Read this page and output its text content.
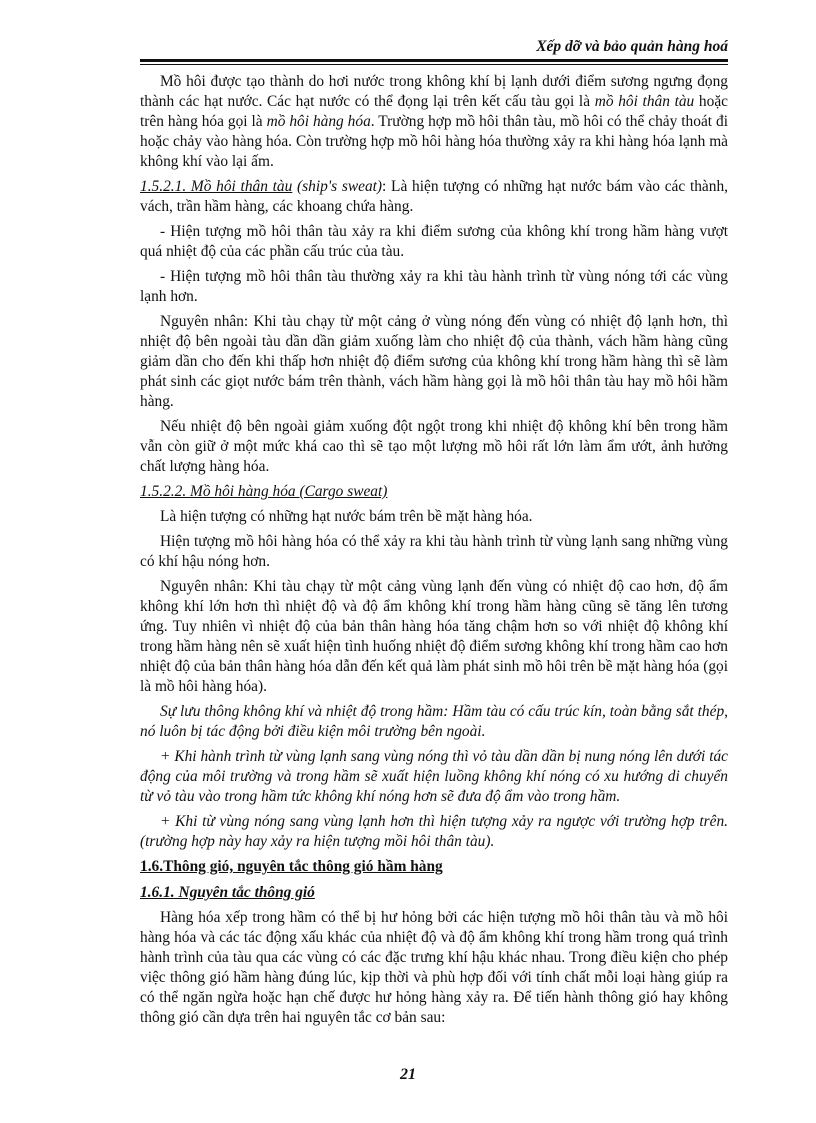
Xếp dỡ và bảo quản hàng hoá

Mồ hôi được tạo thành do hơi nước trong không khí bị lạnh dưới điểm sương ngưng đọng thành các hạt nước. Các hạt nước có thể đọng lại trên kết cấu tàu gọi là mồ hôi thân tàu hoặc trên hàng hóa gọi là mồ hôi hàng hóa. Trường hợp mồ hôi thân tàu, mồ hôi có thể chảy thoát đi hoặc chảy vào hàng hóa. Còn trường hợp mồ hôi hàng hóa thường xảy ra khi hàng hóa lạnh mà không khí vào lại ấm.

1.5.2.1. Mồ hôi thân tàu (ship's sweat): Là hiện tượng có những hạt nước bám vào các thành, vách, trần hầm hàng, các khoang chứa hàng.

- Hiện tượng mồ hôi thân tàu xảy ra khi điểm sương của không khí trong hầm hàng vượt quá nhiệt độ của các phần cấu trúc của tàu.

- Hiện tượng mồ hôi thân tàu thường xảy ra khi tàu hành trình từ vùng nóng tới các vùng lạnh hơn.

Nguyên nhân: Khi tàu chạy từ một cảng ở vùng nóng đến vùng có nhiệt độ lạnh hơn, thì nhiệt độ bên ngoài tàu dần dần giảm xuống làm cho nhiệt độ của thành, vách hầm hàng cũng giảm dần cho đến khi thấp hơn nhiệt độ điểm sương của không khí trong hầm hàng thì sẽ làm phát sinh các giọt nước bám trên thành, vách hầm hàng gọi là mồ hôi thân tàu hay mồ hôi hầm hàng.

Nếu nhiệt độ bên ngoài giảm xuống đột ngột trong khi nhiệt độ không khí bên trong hầm vẫn còn giữ ở một mức khá cao thì sẽ tạo một lượng mồ hôi rất lớn làm ẩm ướt, ảnh hưởng chất lượng hàng hóa.

1.5.2.2. Mồ hôi hàng hóa (Cargo sweat)

Là hiện tượng có những hạt nước bám trên bề mặt hàng hóa.

Hiện tượng mồ hôi hàng hóa có thể xảy ra khi tàu hành trình từ vùng lạnh sang những vùng có khí hậu nóng hơn.

Nguyên nhân: Khi tàu chạy từ một cảng vùng lạnh đến vùng có nhiệt độ cao hơn, độ ẩm không khí lớn hơn thì nhiệt độ và độ ẩm không khí trong hầm hàng cũng sẽ tăng lên tương ứng. Tuy nhiên vì nhiệt độ của bản thân hàng hóa tăng chậm hơn so với nhiệt độ không khí trong hầm hàng nên sẽ xuất hiện tình huống nhiệt độ điểm sương không khí trong hầm cao hơn nhiệt độ của bản thân hàng hóa dẫn đến kết quả làm phát sinh mồ hôi trên bề mặt hàng hóa (gọi là mồ hôi hàng hóa).

Sự lưu thông không khí và nhiệt độ trong hầm: Hầm tàu có cấu trúc kín, toàn bằng sắt thép, nó luôn bị tác động bởi điều kiện môi trường bên ngoài.

+ Khi hành trình từ vùng lạnh sang vùng nóng thì vỏ tàu dần dần bị nung nóng lên dưới tác động của môi trường và trong hầm sẽ xuất hiện luồng không khí nóng có xu hướng di chuyển từ vỏ tàu vào trong hầm tức không khí nóng hơn sẽ đưa độ ẩm vào trong hầm.

+ Khi từ vùng nóng sang vùng lạnh hơn thì hiện tượng xảy ra ngược với trường hợp trên. (trường hợp này hay xảy ra hiện tượng mồi hôi thân tàu).

1.6.Thông gió, nguyên tắc thông gió hầm hàng

1.6.1. Nguyên tắc thông gió

Hàng hóa xếp trong hầm có thể bị hư hỏng bởi các hiện tượng mồ hôi thân tàu và mồ hôi hàng hóa và các tác động xấu khác của nhiệt độ và độ ẩm không khí trong hầm trong quá trình hành trình của tàu qua các vùng có các đặc trưng khí hậu khác nhau. Trong điều kiện cho phép việc thông gió hầm hàng đúng lúc, kịp thời và phù hợp đối với tính chất mỗi loại hàng giúp ra có thể ngăn ngừa hoặc hạn chế được hư hỏng hàng xảy ra. Để tiến hành thông gió hay không thông gió cần dựa trên hai nguyên tắc cơ bản sau:

21
